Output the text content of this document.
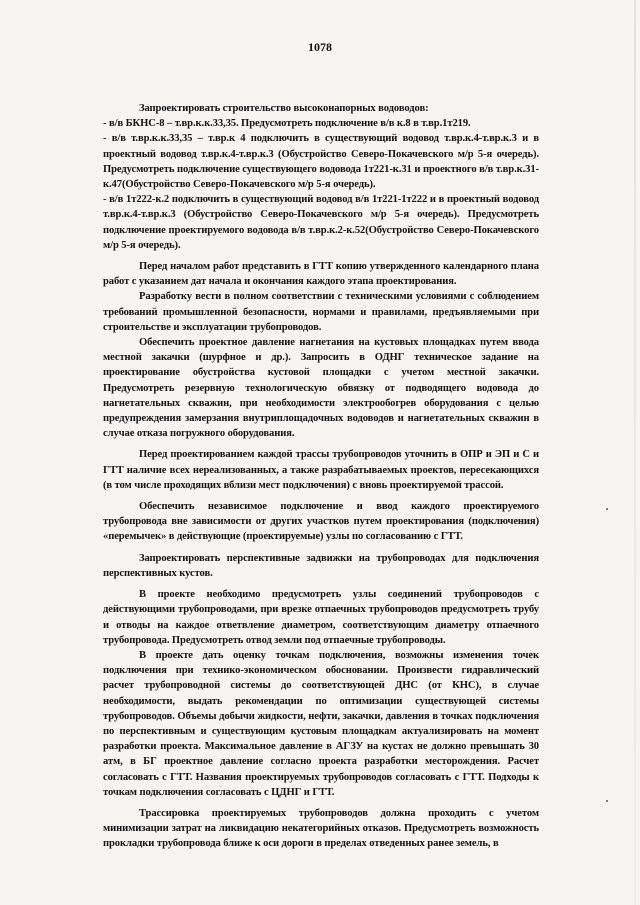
1078

Запроектировать строительство высоконапорных водоводов:

- в/в БКНС-8 – т.вр.к.к.33,35. Предусмотреть подключение в/в к.8 в т.вр.1т219.

- в/в т.вр.к.к.33,35 – т.вр.к 4 подключить в существующий водовод т.вр.к.4-т.вр.к.3 и в проектный водовод т.вр.к.4-т.вр.к.3 (Обустройство Северо-Покачевского м/р 5-я очередь). Предусмотреть подключение существующего водовода 1т221-к.31 и проектного в/в т.вр.к.31-к.47(Обустройство Северо-Покачевского м/р 5-я очередь).

- в/в 1т222-к.2 подключить в существующий водовод в/в 1т221-1т222 и в проектный водовод т.вр.к.4-т.вр.к.3 (Обустройство Северо-Покачевского м/р 5-я очередь). Предусмотреть подключение проектируемого водовода в/в т.вр.к.2-к.52(Обустройство Северо-Покачевского м/р 5-я очередь).

Перед началом работ представить в ГТТ копию утвержденного календарного плана работ с указанием дат начала и окончания каждого этапа проектирования.

Разработку вести в полном соответствии с техническими условиями с соблюдением требований промышленной безопасности, нормами и правилами, предъявляемыми при строительстве и эксплуатации трубопроводов.

Обеспечить проектное давление нагнетания на кустовых площадках путем ввода местной закачки (шурфное и др.). Запросить в ОДНГ техническое задание на проектирование обустройства кустовой площадки с учетом местной закачки. Предусмотреть резервную технологическую обвязку от подводящего водовода до нагнетательных скважин, при необходимости электрообогрев оборудования с целью предупреждения замерзания внутриплощадочных водоводов и нагнетательных скважин в случае отказа погружного оборудования.

Перед проектированием каждой трассы трубопроводов уточнить в ОПР и ЭП и С и ГТТ наличие всех нереализованных, а также разрабатываемых проектов, пересекающихся (в том числе проходящих вблизи мест подключения) с вновь проектируемой трассой.

Обеспечить независимое подключение и ввод каждого проектируемого трубопровода вне зависимости от других участков путем проектирования (подключения) «перемычек» в действующие (проектируемые) узлы по согласованию с ГТТ.

Запроектировать перспективные задвижки на трубопроводах для подключения перспективных кустов.

В проекте необходимо предусмотреть узлы соединений трубопроводов с действующими трубопроводами, при врезке отпаечных трубопроводов предусмотреть трубу и отводы на каждое ответвление диаметром, соответствующим диаметру отпаечного трубопровода. Предусмотреть отвод земли под отпаечные трубопроводы.

В проекте дать оценку точкам подключения, возможны изменения точек подключения при технико-экономическом обосновании. Произвести гидравлический расчет трубопроводной системы до соответствующей ДНС (от КНС), в случае необходимости, выдать рекомендации по оптимизации существующей системы трубопроводов. Объемы добычи жидкости, нефти, закачки, давления в точках подключения по перспективным и существующим кустовым площадкам актуализировать на момент разработки проекта. Максимальное давление в АГЗУ на кустах не должно превышать 30 атм, в БГ проектное давление согласно проекта разработки месторождения. Расчет согласовать с ГТТ. Названия проектируемых трубопроводов согласовать с ГТТ. Подходы к точкам подключения согласовать с ЦДНГ и ГТТ.

Трассировка проектируемых трубопроводов должна проходить с учетом минимизации затрат на ликвидацию некатегорийных отказов. Предусмотреть возможность прокладки трубопровода ближе к оси дороги в пределах отведенных ранее земель, в
